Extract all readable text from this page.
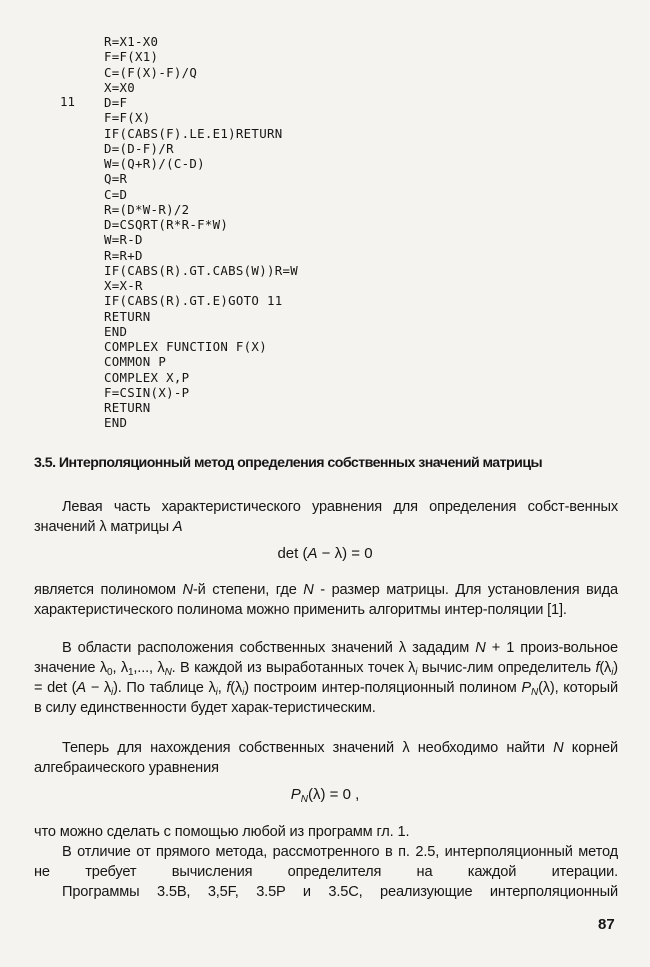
R=X1-X0
F=F(X1)
C=(F(X)-F)/Q
X=X0
D=F
F=F(X)
IF(CABS(F).LE.E1)RETURN
D=(D-F)/R
W=(Q+R)/(C-D)
Q=R
C=D
R=(D*W-R)/2
D=CSQRT(R*R-F*W)
W=R-D
R=R+D
IF(CABS(R).GT.CABS(W))R=W
X=X-R
IF(CABS(R).GT.E)GOTO 11
RETURN
END
COMPLEX FUNCTION F(X)
COMMON P
COMPLEX X,P
F=CSIN(X)-P
RETURN
END
11
3.5. Интерполяционный метод определения собственных значений матрицы
Левая часть характеристического уравнения для определения собст-венных значений λ матрицы A
det (A − λ) = 0
является полиномом N-й степени, где N - размер матрицы. Для установления вида характеристического полинома можно применить алгоритмы интер-поляции [1].
В области расположения собственных значений λ зададим N + 1 произ-вольное значение $\lambda_0$, $\lambda_1$,..., $\lambda_N$. В каждой из выработанных точек $\lambda_i$ вычис-лим определитель $f(\lambda_i) = \det (A - \lambda_i)$. По таблице $\lambda_i$, $f(\lambda_i)$ построим интер-поляционный полином $P_N(\lambda)$, который в силу единственности будет харак-теристическим.
Теперь для нахождения собственных значений λ необходимо найти N корней алгебраического уравнения
$P_N(\lambda) = 0$ ,
что можно сделать с помощью любой из программ гл. 1.
В отличие от прямого метода, рассмотренного в п. 2.5, интерполяционный метод не требует вычисления определителя на каждой итерации.
Программы 3.5B, 3,5F, 3.5P и 3.5C, реализующие интерполяционный
87
